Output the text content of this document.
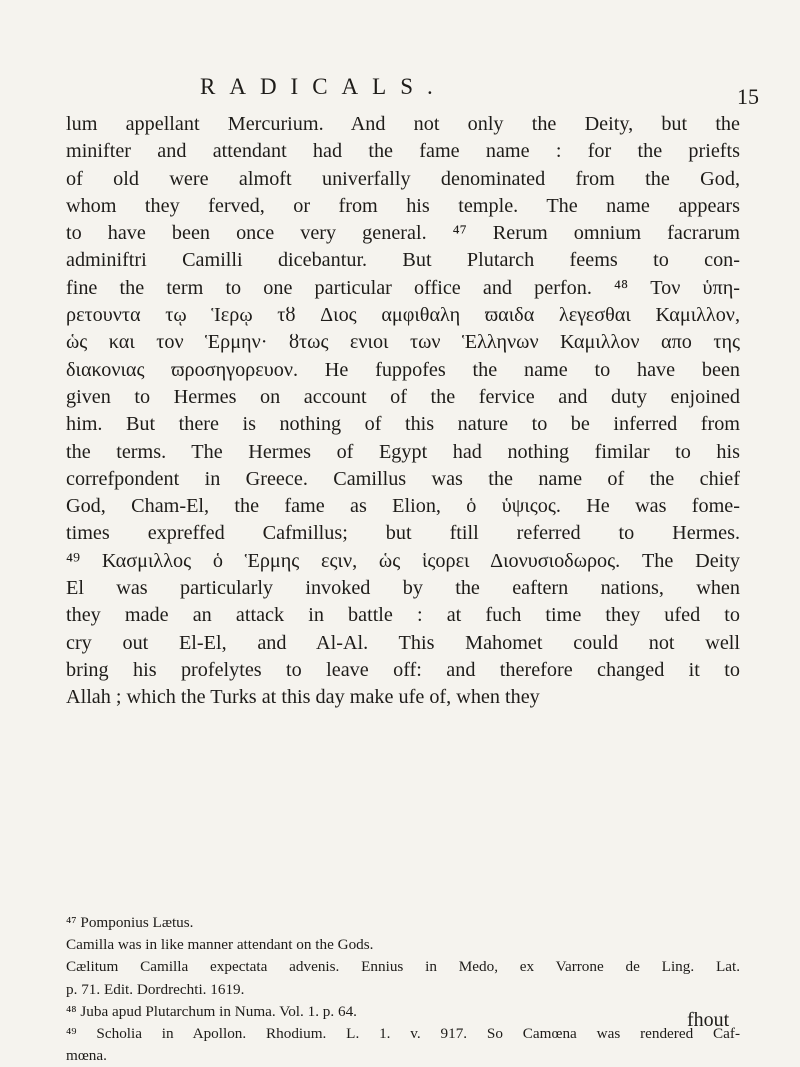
RADICALS.	15
lum appellant Mercurium. And not only the Deity, but the
minifter and attendant had the fame name : for the priefts
of old were almoft univerfally denominated from the God,
whom they ferved, or from his temple. The name appears
to have been once very general. ⁴⁷ Rerum omnium facrarum
adminiftri Camilli dicebantur. But Plutarch feems to con-
fine the term to one particular office and perfon. ⁴⁸ Τον ὑπη-
ρετουντα τῳ Ἱερῳ τȣ Διος αμφιθαλη ϖαιδα λεγεσθαι Καμιλλον,
ὡς και τον Ἑρμην· ȣτως ενιοι των Ἑλληνων Καμιλλον απο της
διακονιας ϖροσηγορευον. He fuppofes the name to have been
given to Hermes on account of the fervice and duty enjoined
him. But there is nothing of this nature to be inferred from
the terms. The Hermes of Egypt had nothing fimilar to his
correfpondent in Greece. Camillus was the name of the chief
God, Cham-El, the fame as Elion, ὁ ὑψιςος. He was fome-
times expreffed Cafmillus; but ftill referred to Hermes.
⁴⁹ Κασμιλλος ὁ Ἑρμης εςιν, ὡς ἱςορει Διονυσιοδωρος. The Deity
El was particularly invoked by the eaftern nations, when
they made an attack in battle : at fuch time they ufed to
cry out El-El, and Al-Al. This Mahomet could not well
bring his profelytes to leave off: and therefore changed it to
Allah ; which the Turks at this day make ufe of, when they
⁴⁷ Pomponius Lætus.
Camilla was in like manner attendant on the Gods.
Cælitum Camilla expectata advenis. Ennius in Medo, ex Varrone de Ling. Lat.
p. 71. Edit. Dordrechti. 1619.
⁴⁸ Juba apud Plutarchum in Numa. Vol. 1. p. 64.
⁴⁹ Scholia in Apollon. Rhodium. L. 1. v. 917. So Camœna was rendered Caf-
mœna.
fhout
